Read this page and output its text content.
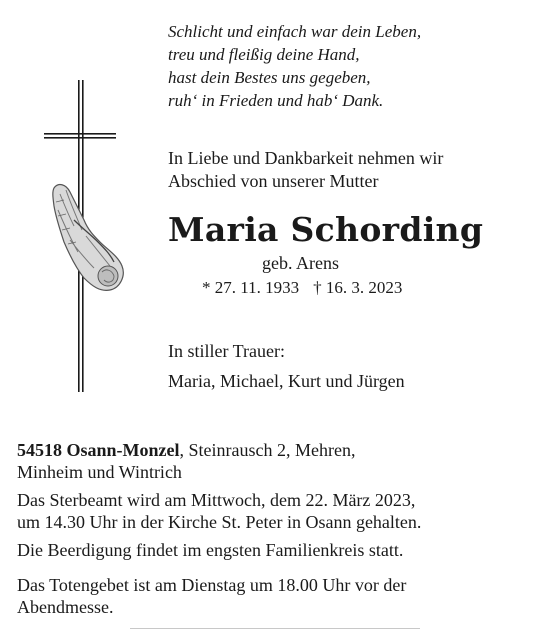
Schlicht und einfach war dein Leben,
treu und fleißig deine Hand,
hast dein Bestes uns gegeben,
ruh‘ in Frieden und hab‘ Dank.
In Liebe und Dankbarkeit nehmen wir
Abschied von unserer Mutter
Maria Schording
geb. Arens
* 27. 11. 1933 † 16. 3. 2023
In stiller Trauer:
Maria, Michael, Kurt und Jürgen
54518 Osann-Monzel, Steinrausch 2, Mehren,
Minheim und Wintrich
Das Sterbeamt wird am Mittwoch, dem 22. März 2023,
um 14.30 Uhr in der Kirche St. Peter in Osann gehalten.
Die Beerdigung findet im engsten Familienkreis statt.
Das Totengebet ist am Dienstag um 18.00 Uhr vor der
Abendmesse.
